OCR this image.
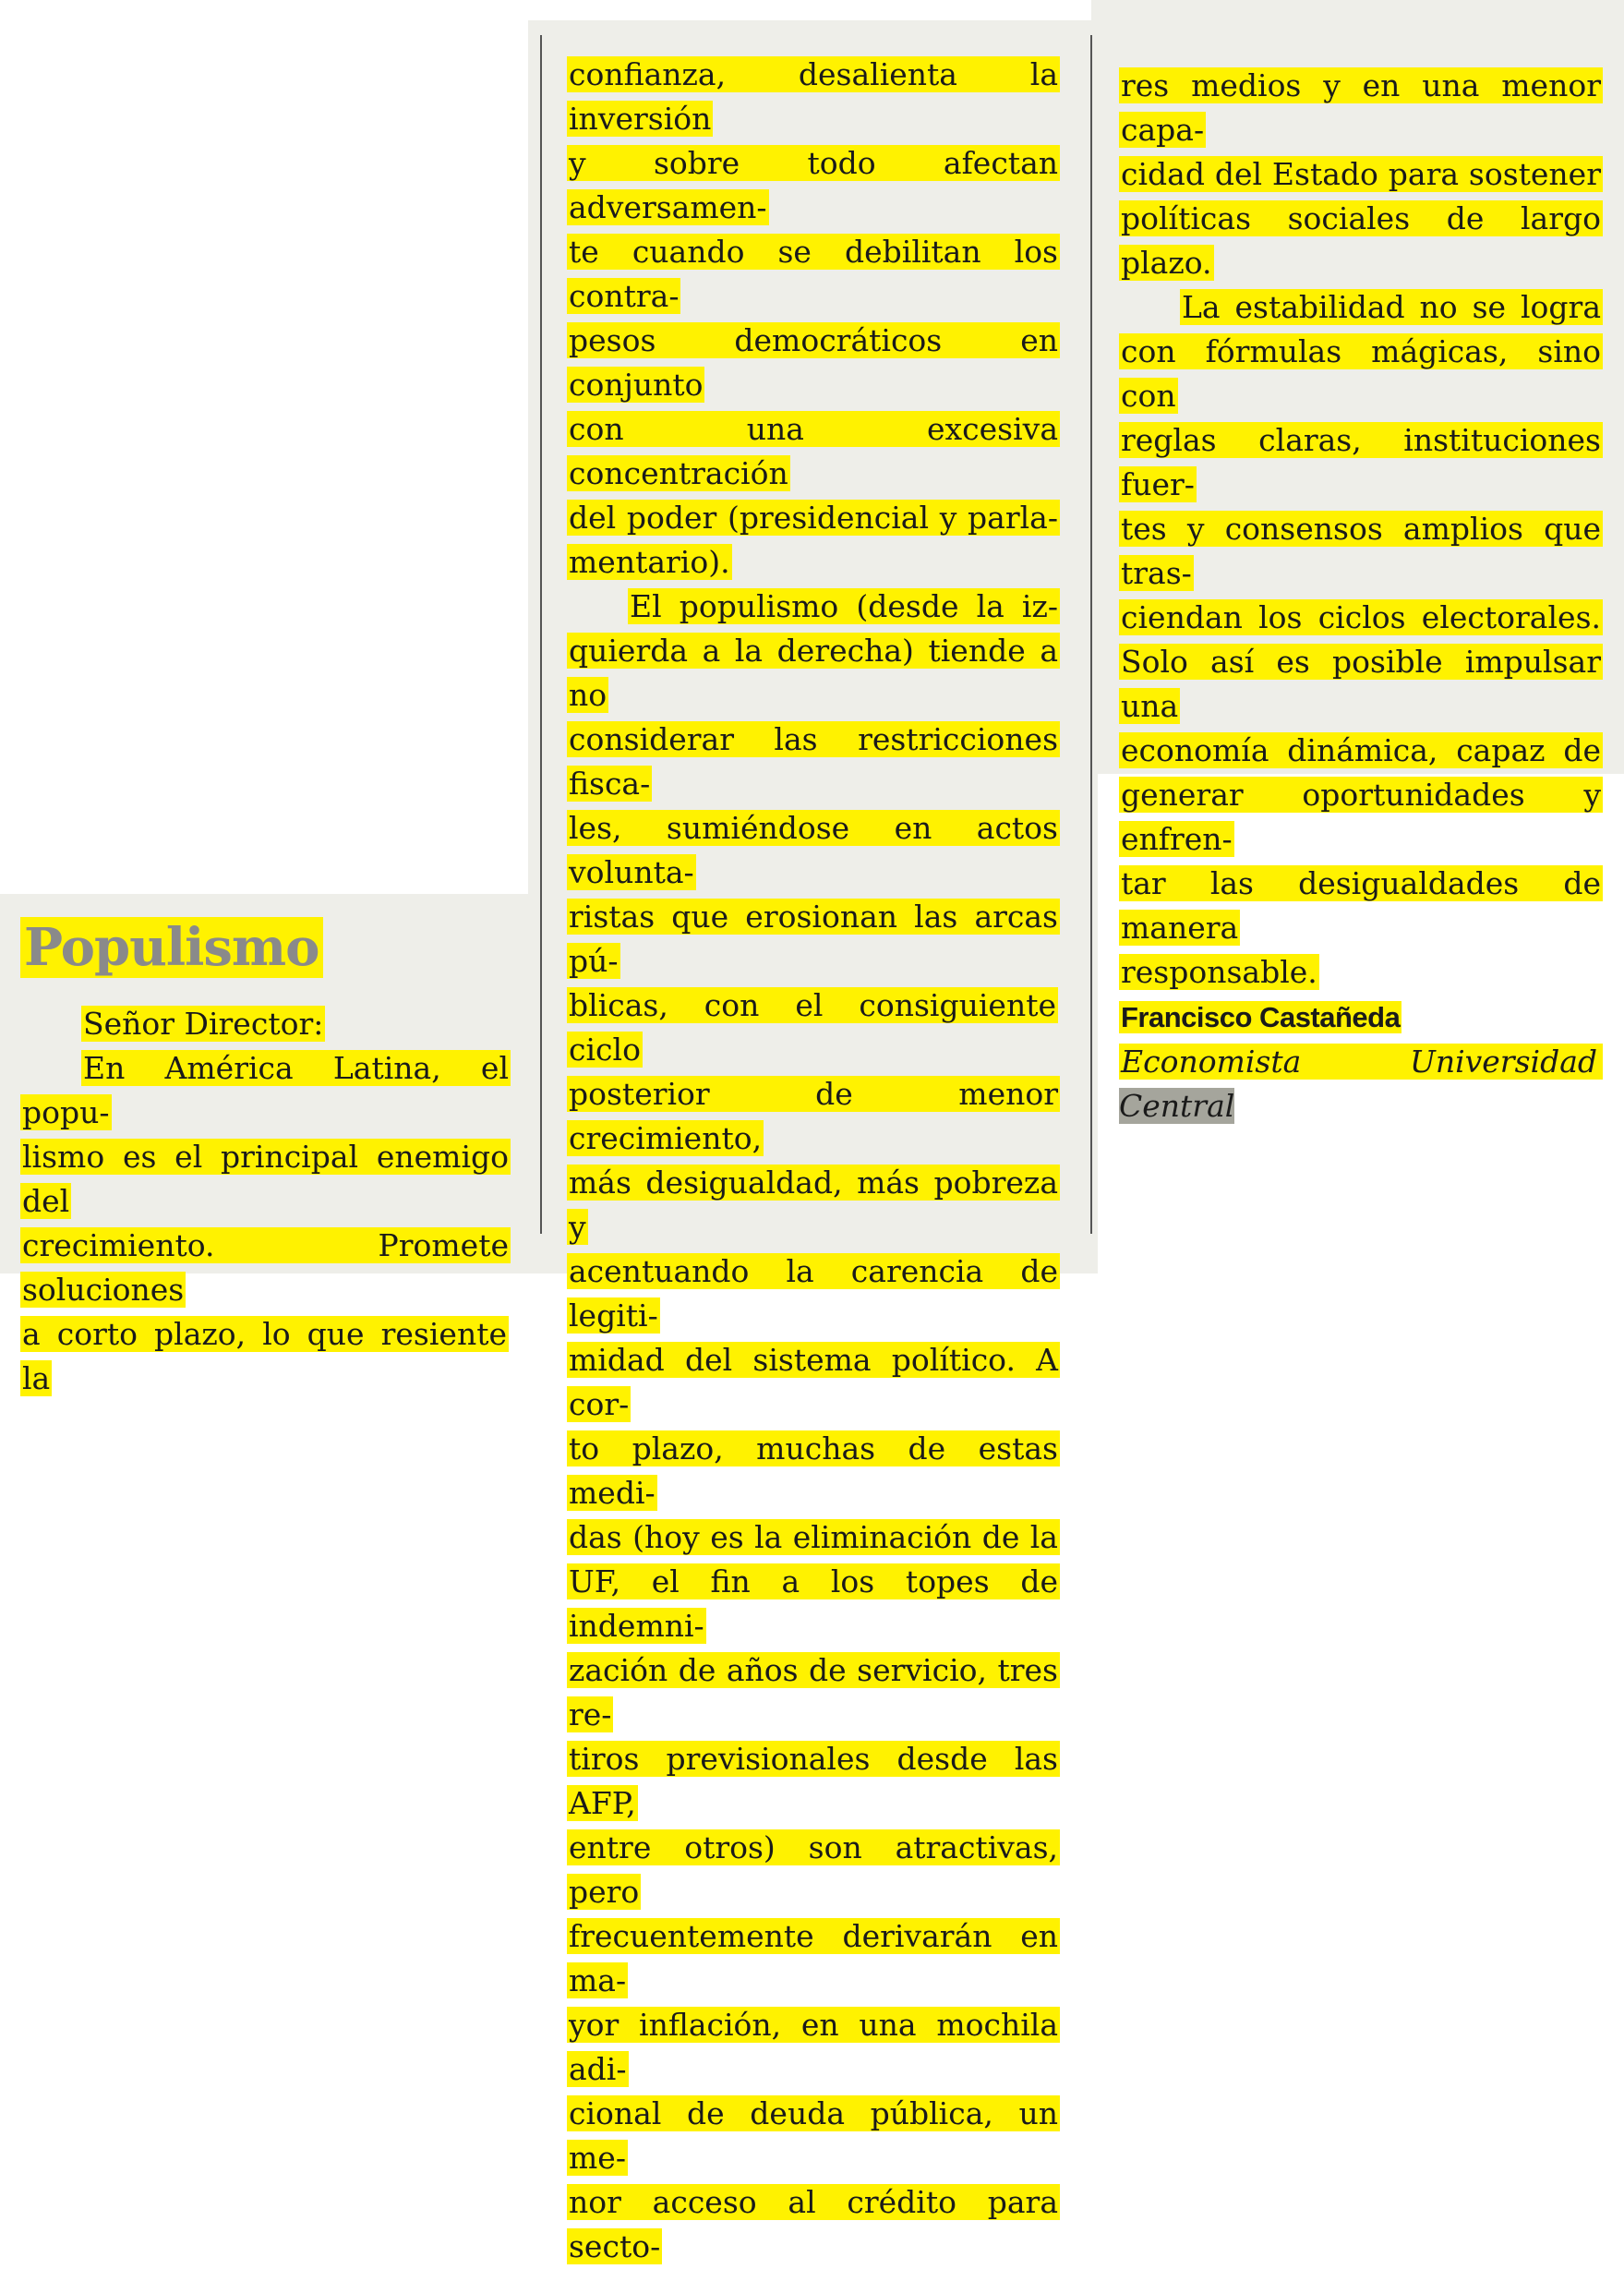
Populismo

Señor Director:

En América Latina, el popu-

lismo es el principal enemigo del

crecimiento. Promete soluciones

a corto plazo, lo que resiente la

confianza, desalienta la inversión

y sobre todo afectan adversamen-

te cuando se debilitan los contra-

pesos democráticos en conjunto

con una excesiva concentración

del poder (presidencial y parla-

mentario).

El populismo (desde la iz-

quierda a la derecha) tiende a no

considerar las restricciones fisca-

les, sumiéndose en actos volunta-

ristas que erosionan las arcas pú-

blicas, con el consiguiente ciclo

posterior de menor crecimiento,

más desigualdad, más pobreza y

acentuando la carencia de legiti-

midad del sistema político. A cor-

to plazo, muchas de estas medi-

das (hoy es la eliminación de la

UF, el fin a los topes de indemni-

zación de años de servicio, tres re-

tiros previsionales desde las AFP,

entre otros) son atractivas, pero

frecuentemente derivarán en ma-

yor inflación, en una mochila adi-

cional de deuda pública, un me-

nor acceso al crédito para secto-

res medios y en una menor capa-

cidad del Estado para sostener

políticas sociales de largo plazo.

La estabilidad no se logra

con fórmulas mágicas, sino con

reglas claras, instituciones fuer-

tes y consensos amplios que tras-

ciendan los ciclos electorales.

Solo así es posible impulsar una

economía dinámica, capaz de

generar oportunidades y enfren-

tar las desigualdades de manera

responsable.

Francisco Castañeda

Economista	Universidad Central
